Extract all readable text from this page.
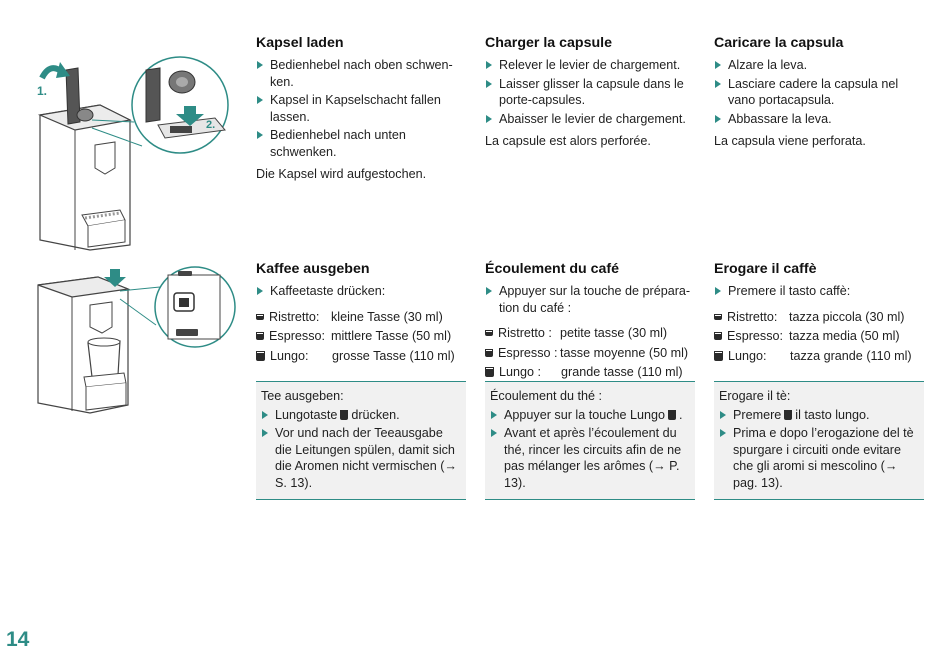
1.
2.
Kapsel laden
Bedienhebel nach oben schwen-ken.
Kapsel in Kapselschacht fallen lassen.
Bedienhebel nach unten schwenken.
Die Kapsel wird aufgestochen.
Charger la capsule
Relever le levier de chargement.
Laisser glisser la capsule dans le porte-capsules.
Abaisser le levier de chargement.
La capsule est alors perforée.
Caricare la capsula
Alzare la leva.
Lasciare cadere la capsula nel vano portacapsula.
Abbassare la leva.
La capsula viene perforata.
Kaffee ausgeben
Kaffeetaste drücken:
Ristretto: kleine Tasse (30 ml)
Espresso: mittlere Tasse (50 ml)
Lungo:	grosse Tasse (110 ml)
Écoulement du café
Appuyer sur la touche de prépara-tion du café :
Ristretto : petite tasse (30 ml)
Espresso : tasse moyenne (50 ml)
Lungo :	grande tasse (110 ml)
Erogare il caffè
Premere il tasto caffè:
Ristretto: tazza piccola (30 ml)
Espresso: tazza media (50 ml)
Lungo:	tazza grande (110 ml)
Tee ausgeben:
Lungotaste drücken.
Vor und nach der Teeausgabe die Leitungen spülen, damit sich die Aromen nicht vermischen (→ S. 13).
Écoulement du thé :
Appuyer sur la touche Lungo .
Avant et après l’écoulement du thé, rincer les circuits afin de ne pas mélanger les arômes (→ P. 13).
Erogare il tè:
Premere il tasto lungo.
Prima e dopo l’erogazione del tè spurgare i circuiti onde evitare che gli aromi si mescolino (→ pag. 13).
14
